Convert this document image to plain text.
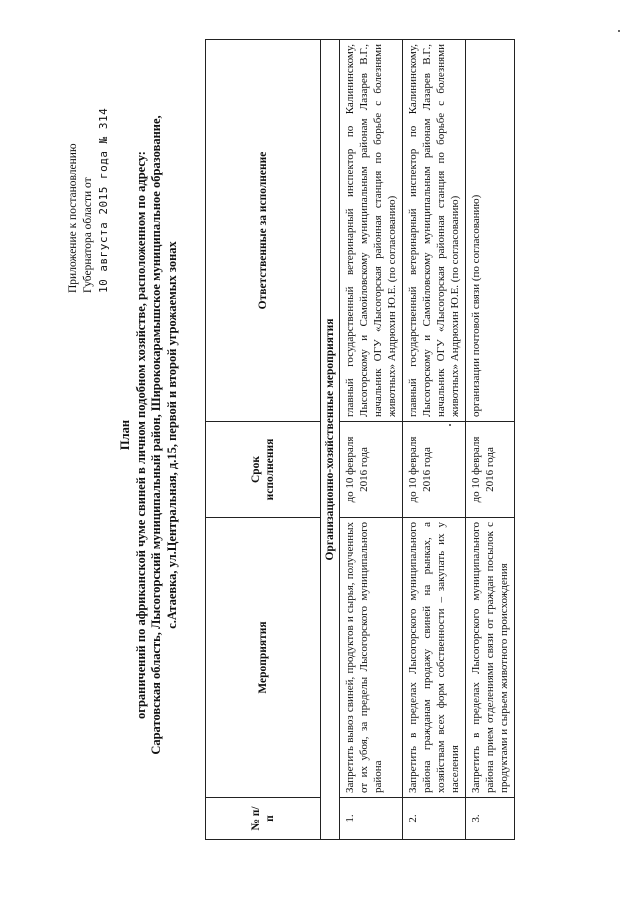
Приложение к постановлению Губернатора области от 10 августа 2015 года № 314
План ограничений по африканской чуме свиней в личном подобном хозяйстве, расположенном по адресу: Саратовская область, Лысогорский муниципальный район, Ширококарамышское муниципальное образование, с.Атаевка, ул.Центральная, д.15, первой и второй угрожаемых зонах
№ п/ п	Мероприятия	Срок исполнения	Ответственные за исполнение
Организационно-хозяйственные мероприятия			
1.	Запретить вывоз свиней, продуктов и сырья, полученных от их убоя, за пределы Лысогорского муниципального района	до 10 февраля 2016 года	главный государственный ветеринарный инспектор по Калининскому, Лысогорскому и Самойловскому муниципальным районам Лазарев В.Г., начальник ОГУ «Лысогорская районная станция по борьбе с болезнями животных» Андрюхин Ю.Е. (по согласованию)
2.	Запретить в пределах Лысогорского муниципального района гражданам продажу свиней на рынках, а хозяйствам всех форм собственности – закупать их у населения	до 10 февраля 2016 года	главный государственный ветеринарный инспектор по Калининскому, Лысогорскому и Самойловскому муниципальным районам Лазарев В.Г., начальник ОГУ «Лысогорская районная станция по борьбе с болезнями животных» Андрюхин Ю.Е. (по согласованию)
3.	Запретить в пределах Лысогорского муниципального района прием отделениями связи от граждан посылок с продуктами и сырьем животного происхождения	до 10 февраля 2016 года	организации почтовой связи (по согласованию)
